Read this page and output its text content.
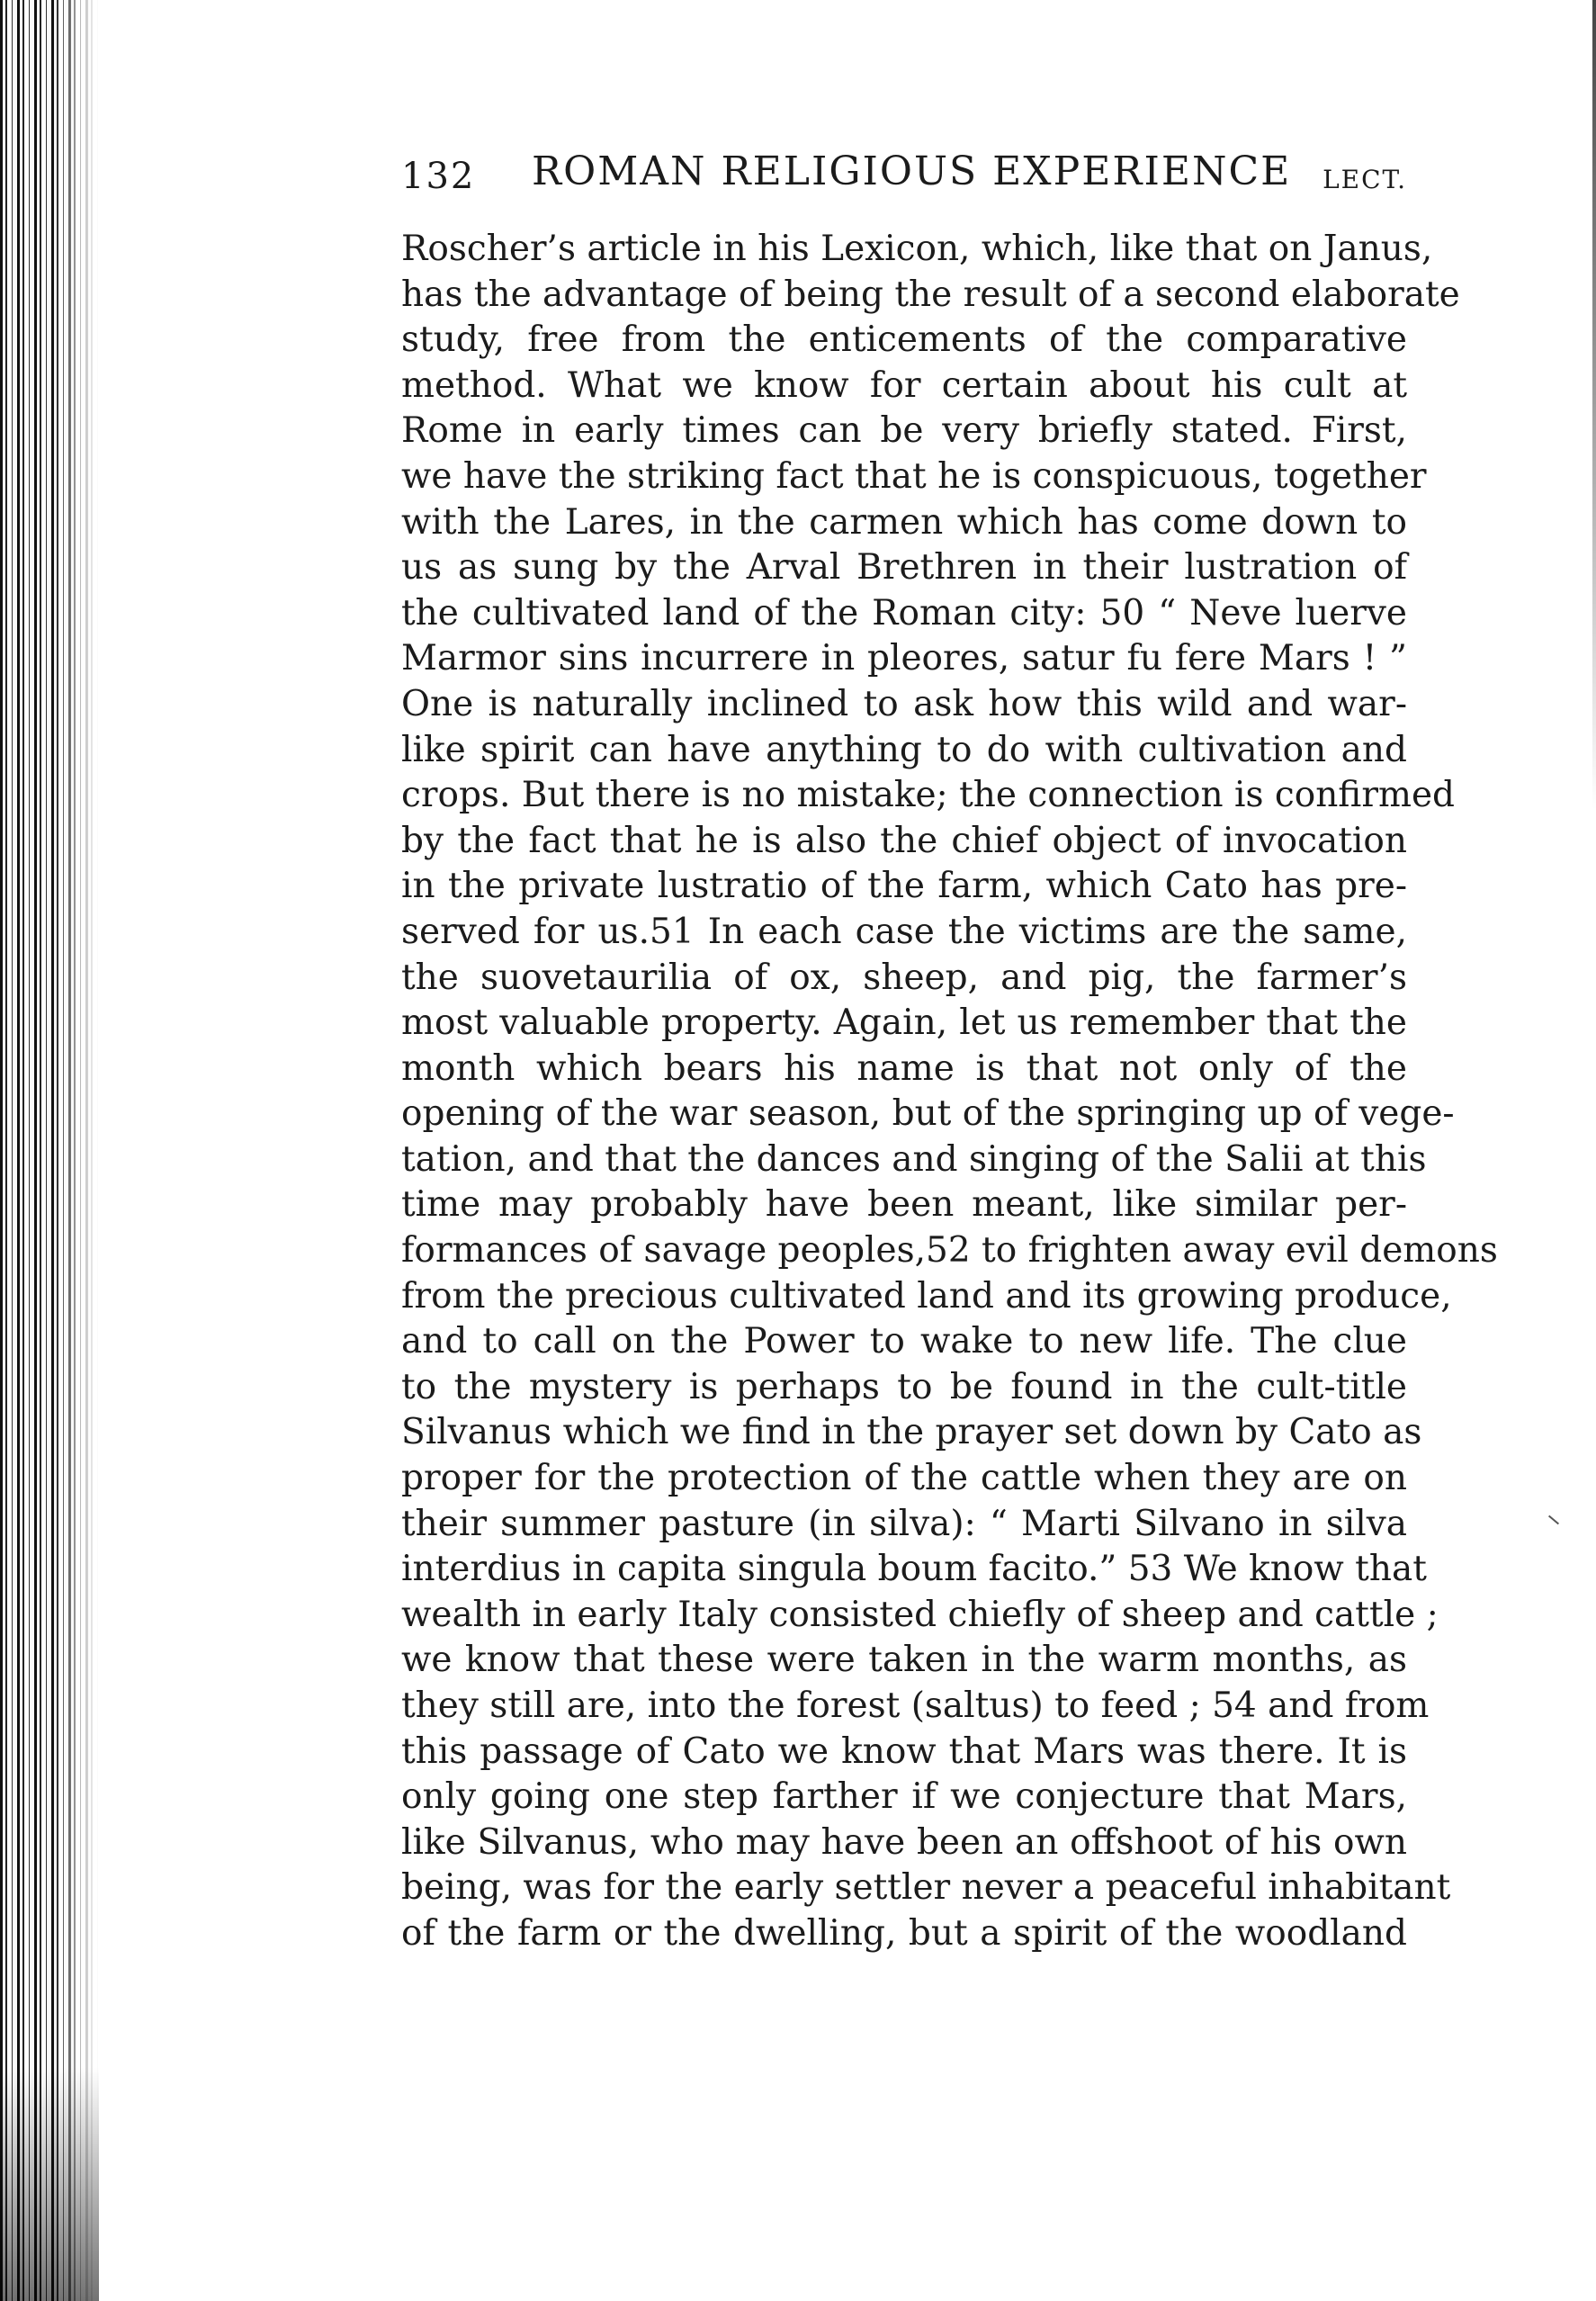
132 ROMAN RELIGIOUS EXPERIENCE LECT.
Roscher’s article in his Lexicon, which, like that on Janus,
has the advantage of being the result of a second elaborate
study, free from the enticements of the comparative
method. What we know for certain about his cult at
Rome in early times can be very briefly stated. First,
we have the striking fact that he is conspicuous, together
with the Lares, in the carmen which has come down to
us as sung by the Arval Brethren in their lustration of
the cultivated land of the Roman city: 50 “ Neve luerve
Marmor sins incurrere in pleores, satur fu fere Mars ! ”
One is naturally inclined to ask how this wild and war-
like spirit can have anything to do with cultivation and
crops. But there is no mistake; the connection is confirmed
by the fact that he is also the chief object of invocation
in the private lustratio of the farm, which Cato has pre-
served for us.51 In each case the victims are the same,
the suovetaurilia of ox, sheep, and pig, the farmer’s
most valuable property. Again, let us remember that the
month which bears his name is that not only of the
opening of the war season, but of the springing up of vege-
tation, and that the dances and singing of the Salii at this
time may probably have been meant, like similar per-
formances of savage peoples,52 to frighten away evil demons
from the precious cultivated land and its growing produce,
and to call on the Power to wake to new life. The clue
to the mystery is perhaps to be found in the cult-title
Silvanus which we find in the prayer set down by Cato as
proper for the protection of the cattle when they are on
their summer pasture (in silva): “ Marti Silvano in silva
interdius in capita singula boum facito.” 53 We know that
wealth in early Italy consisted chiefly of sheep and cattle ;
we know that these were taken in the warm months, as
they still are, into the forest (saltus) to feed ; 54 and from
this passage of Cato we know that Mars was there. It is
only going one step farther if we conjecture that Mars,
like Silvanus, who may have been an offshoot of his own
being, was for the early settler never a peaceful inhabitant
of the farm or the dwelling, but a spirit of the woodland
